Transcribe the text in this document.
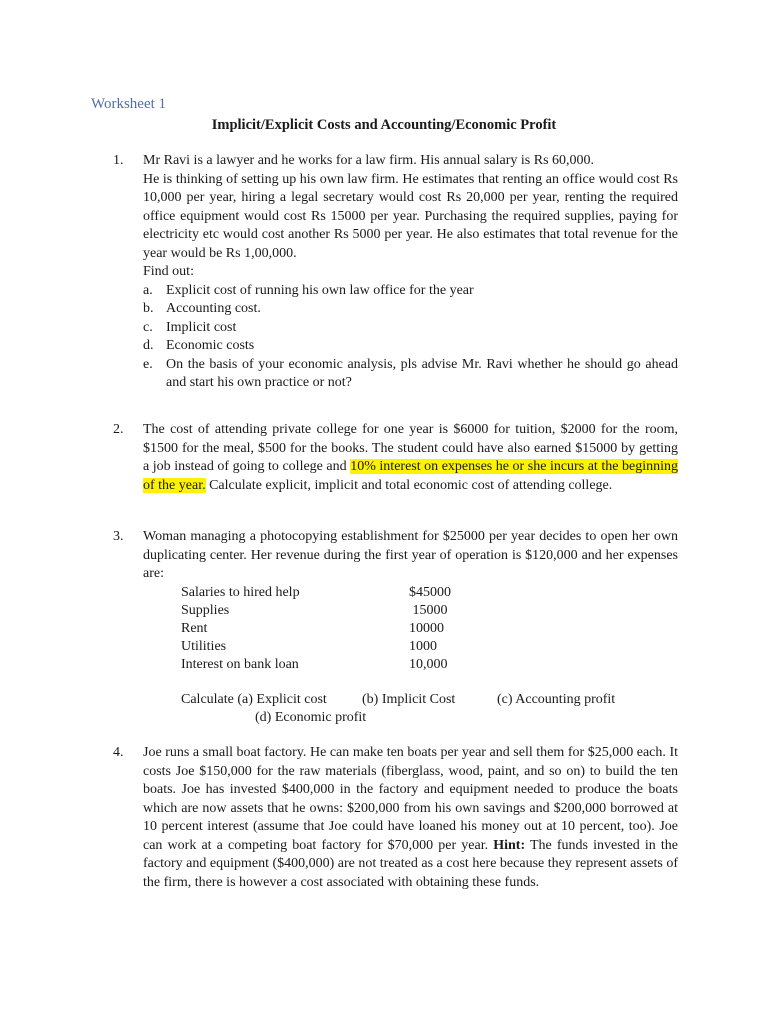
Worksheet 1
Implicit/Explicit Costs and Accounting/Economic Profit
1. Mr Ravi is a lawyer and he works for a law firm. His annual salary is Rs 60,000.
He is thinking of setting up his own law firm. He estimates that renting an office would cost Rs 10,000 per year, hiring a legal secretary would cost Rs 20,000 per year, renting the required office equipment would cost Rs 15000 per year. Purchasing the required supplies, paying for electricity etc would cost another Rs 5000 per year. He also estimates that total revenue for the year would be Rs 1,00,000.
Find out:
a. Explicit cost of running his own law office for the year
b. Accounting cost.
c. Implicit cost
d. Economic costs
e. On the basis of your economic analysis, pls advise Mr. Ravi whether he should go ahead and start his own practice or not?
2. The cost of attending private college for one year is $6000 for tuition, $2000 for the room, $1500 for the meal, $500 for the books. The student could have also earned $15000 by getting a job instead of going to college and 10% interest on expenses he or she incurs at the beginning of the year. Calculate explicit, implicit and total economic cost of attending college.
3. Woman managing a photocopying establishment for $25000 per year decides to open her own duplicating center. Her revenue during the first year of operation is $120,000 and her expenses are:
Salaries to hired help	$45000
Supplies	15000
Rent	10000
Utilities	1000
Interest on bank loan	10,000
Calculate (a) Explicit cost	(b) Implicit Cost	(c) Accounting profit
(d) Economic profit
4. Joe runs a small boat factory. He can make ten boats per year and sell them for $25,000 each. It costs Joe $150,000 for the raw materials (fiberglass, wood, paint, and so on) to build the ten boats. Joe has invested $400,000 in the factory and equipment needed to produce the boats which are now assets that he owns: $200,000 from his own savings and $200,000 borrowed at 10 percent interest (assume that Joe could have loaned his money out at 10 percent, too). Joe can work at a competing boat factory for $70,000 per year. Hint: The funds invested in the factory and equipment ($400,000) are not treated as a cost here because they represent assets of the firm, there is however a cost associated with obtaining these funds.
